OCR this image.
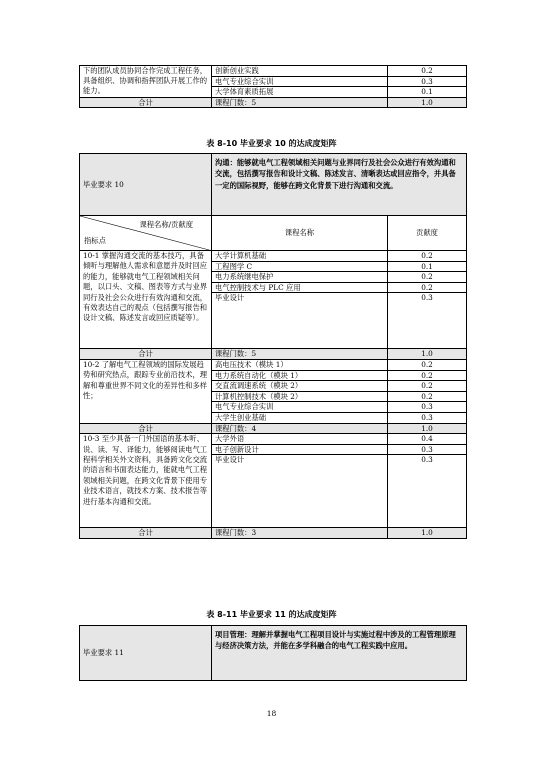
下的团队成员协同合作完成工程任务，具备组织、协调和指挥团队开展工作的能力。	创新创业实践	0.2
	电气专业综合实训	0.3
	大学体育素质拓展	0.1
合计	课程门数：5	1.0
表 8-10 毕业要求 10 的达成度矩阵
毕业要求 10	沟通：能够就电气工程领域相关问题与业界同行及社会公众进行有效沟通和交流，包括撰写报告和设计文稿、陈述发言、清晰表达或回应指令，并具备一定的国际视野，能够在跨文化背景下进行沟通和交流。	

课程名称/贡献度
指标点	课程名称	贡献度
10-1 掌握沟通交流的基本技巧，具备倾听与理解他人需求和意愿并及时回应的能力，能够就电气工程领域相关问题，以口头、文稿、图表等方式与业界同行及社会公众进行有效沟通和交流，有效表达自己的观点（包括撰写报告和设计文稿、陈述发言或回应质疑等）。	大学计算机基础	0.2
	工程图学 C	0.1
	电力系统继电保护	0.2
	电气控制技术与 PLC 应用	0.2
	毕业设计	0.3
合计	课程门数：5	1.0
10-2 了解电气工程领域的国际发展趋势和研究热点，跟踪专业前沿技术，理解和尊重世界不同文化的差异性和多样性；	高电压技术（模块 1）	0.2
	电力系统自动化（模块 1）	0.2
	交直流调速系统（模块 2）	0.2
	计算机控制技术（模块 2）	0.2
	电气专业综合实训	0.3
	大学生创业基础	0.3
合计	课程门数：4	1.0
10-3 至少具备一门外国语的基本听、说、读、写、译能力，能够阅读电气工程科学相关外文资料，具备跨文化交流的语言和书面表达能力，能就电气工程领域相关问题，在跨文化背景下使用专业技术语言，就技术方案、技术报告等进行基本沟通和交流。	大学外语	0.4
	电子创新设计	0.3
	毕业设计	0.3
合计	课程门数：3	1.0
表 8-11 毕业要求 11 的达成度矩阵
毕业要求 11	项目管理：理解并掌握电气工程项目设计与实施过程中涉及的工程管理原理与经济决策方法，并能在多学科融合的电气工程实践中应用。
18
